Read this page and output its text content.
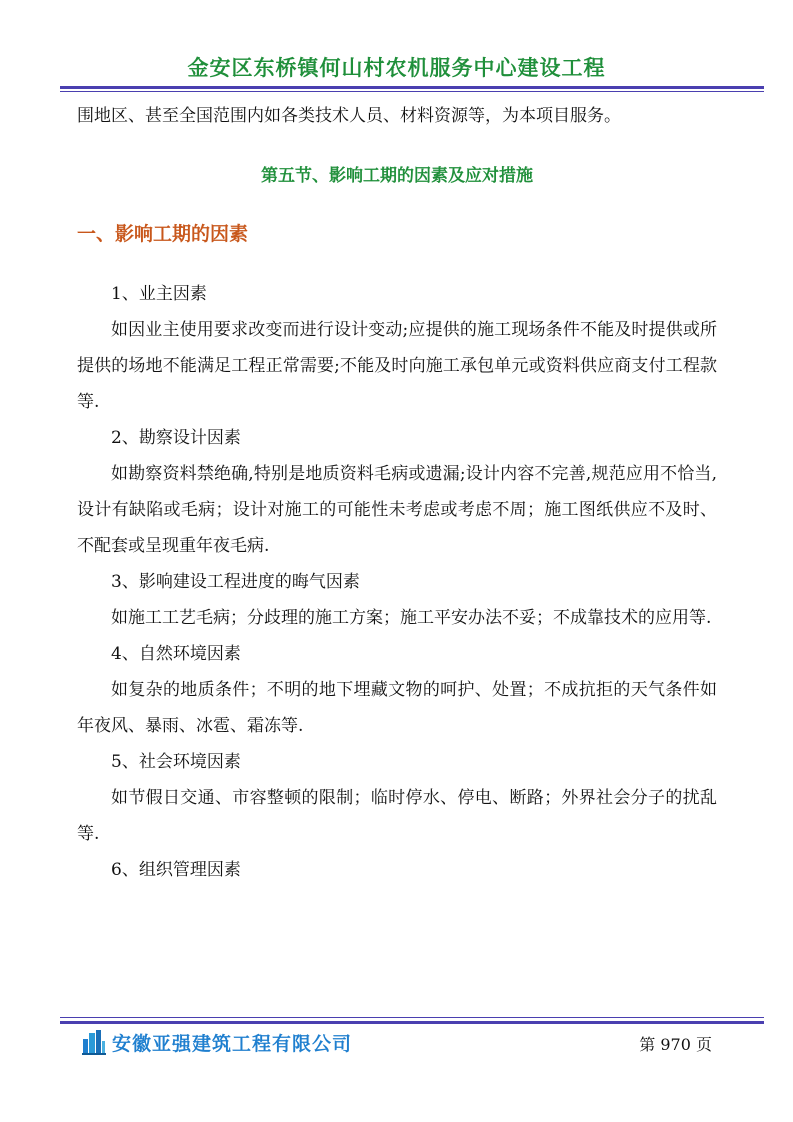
金安区东桥镇何山村农机服务中心建设工程

围地区、甚至全国范围内如各类技术人员、材料资源等，为本项目服务。

第五节、影响工期的因素及应对措施

一、影响工期的因素

1、业主因素

如因业主使用要求改变而进行设计变动;应提供的施工现场条件不能及时提供或所提供的场地不能满足工程正常需要;不能及时向施工承包单元或资料供应商支付工程款等.

2、勘察设计因素

如勘察资料禁绝确,特别是地质资料毛病或遗漏;设计内容不完善,规范应用不恰当,设计有缺陷或毛病；设计对施工的可能性未考虑或考虑不周；施工图纸供应不及时、不配套或呈现重年夜毛病.

3、影响建设工程进度的晦气因素

如施工工艺毛病；分歧理的施工方案；施工平安办法不妥；不成靠技术的应用等.

4、自然环境因素

如复杂的地质条件；不明的地下埋藏文物的呵护、处置；不成抗拒的天气条件如年夜风、暴雨、冰雹、霜冻等.

5、社会环境因素

如节假日交通、市容整顿的限制；临时停水、停电、断路；外界社会分子的扰乱等.

6、组织管理因素

安徽亚强建筑工程有限公司	第 970 页
